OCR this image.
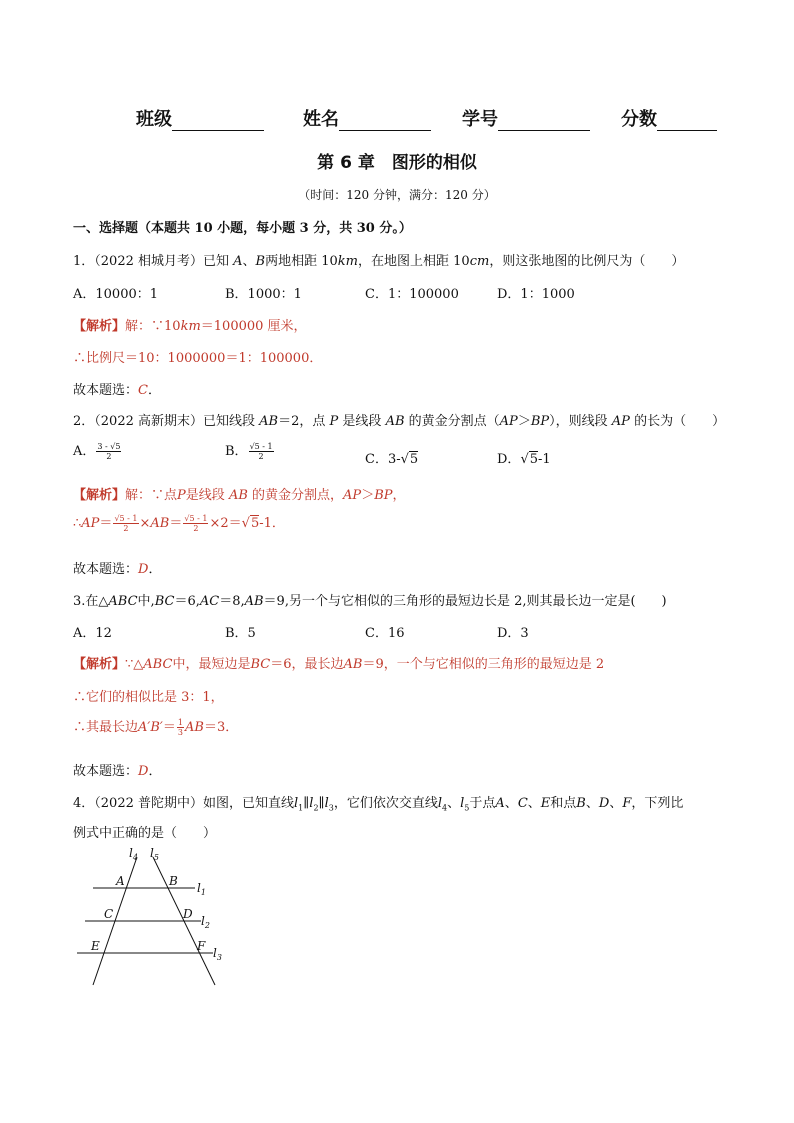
班级	姓名	学号	分数
第 6 章　图形的相似
（时间：120 分钟，满分：120 分）
一、选择题（本题共 10 小题，每小题 3 分，共 30 分。）
1．（2022 相城月考）已知 A、B两地相距 10km，在地图上相距 10cm，则这张地图的比例尺为（　　）
A．10000：1	B．1000：1	C．1：100000	D．1：1000
【解析】解：∵10km＝100000 厘米，
∴比例尺＝10：1000000＝1：100000．
故本题选：C．
2．（2022 高新期末）已知线段 AB＝2，点 P 是线段 AB 的黄金分割点（AP＞BP），则线段 AP 的长为（　　）
A． $\frac{3 - √5}{2}$	B． $\frac{√5 - 1}{2}$	C．3-√5	D．√5-1
【解析】解：∵点P是线段 AB 的黄金分割点，AP＞BP，
∴AP＝ $\frac{√5 - 1}{2} \times AB= \frac{√5 - 1}{2} \times 2=√5-1$．
故本题选：D．
3.在△ABC中,BC＝6,AC＝8,AB＝9,另一个与它相似的三角形的最短边长是 2,则其最长边一定是(　　)
A．12	B．5	C．16	D．3
【解析】∵△ABC中，最短边是BC＝6，最长边AB＝9，一个与它相似的三角形的最短边是 2
∴它们的相似比是 3：1，
∴其最长边$A'B'= \frac{1}{3} AB=3$．
故本题选：D．
4．（2022 普陀期中）如图，已知直线$l_1\parallel l_2\parallel l_3$，它们依次交直线$l_4$、$l_5$于点A、C、E和点B、D、F，下列比
例式中正确的是（　　）
$l_4$ $l_5$
A	B $l_1$
C	D $l_2$
E	F $l_3$
